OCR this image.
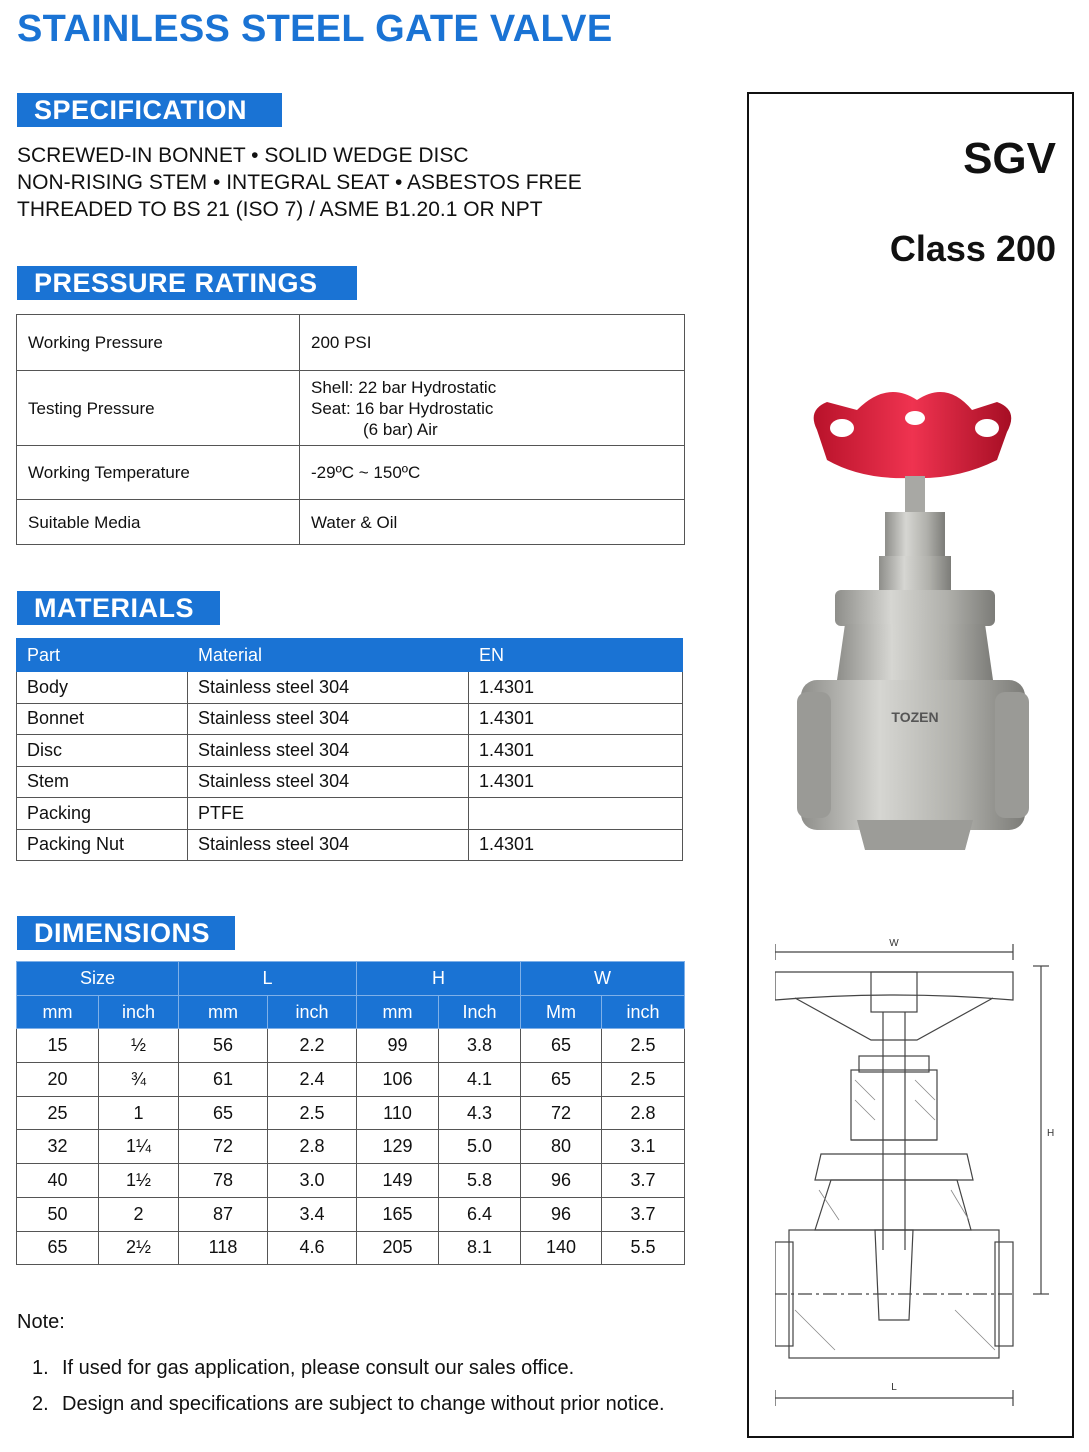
STAINLESS STEEL GATE VALVE
SPECIFICATION
SCREWED-IN BONNET • SOLID WEDGE DISC
NON-RISING STEM • INTEGRAL SEAT • ASBESTOS FREE
THREADED TO BS 21 (ISO 7) / ASME B1.20.1 OR NPT
PRESSURE RATINGS
Working Pressure	200 PSI
Testing Pressure	Shell: 22 bar Hydrostatic
Seat: 16 bar Hydrostatic
(6 bar) Air

Working Temperature	-29ºC ~ 150ºC
Suitable Media	Water & Oil
MATERIALS
Part	Material	EN
Body	Stainless steel 304	1.4301
Bonnet	Stainless steel 304	1.4301
Disc	Stainless steel 304	1.4301
Stem	Stainless steel 304	1.4301
Packing	PTFE	
Packing Nut	Stainless steel 304	1.4301
DIMENSIONS
Size		L		H		W	
mm	inch	mm	inch	mm	Inch	Mm	inch
15	½	56	2.2	99	3.8	65	2.5
20	¾	61	2.4	106	4.1	65	2.5
25	1	65	2.5	110	4.3	72	2.8
32	1¼	72	2.8	129	5.0	80	3.1
40	1½	78	3.0	149	5.8	96	3.7
50	2	87	3.4	165	6.4	96	3.7
65	2½	118	4.6	205	8.1	140	5.5
Note:
1. If used for gas application, please consult our sales office.
2. Design and specifications are subject to change without prior notice.
SGV
Class 200
TOZEN
W
H
L
